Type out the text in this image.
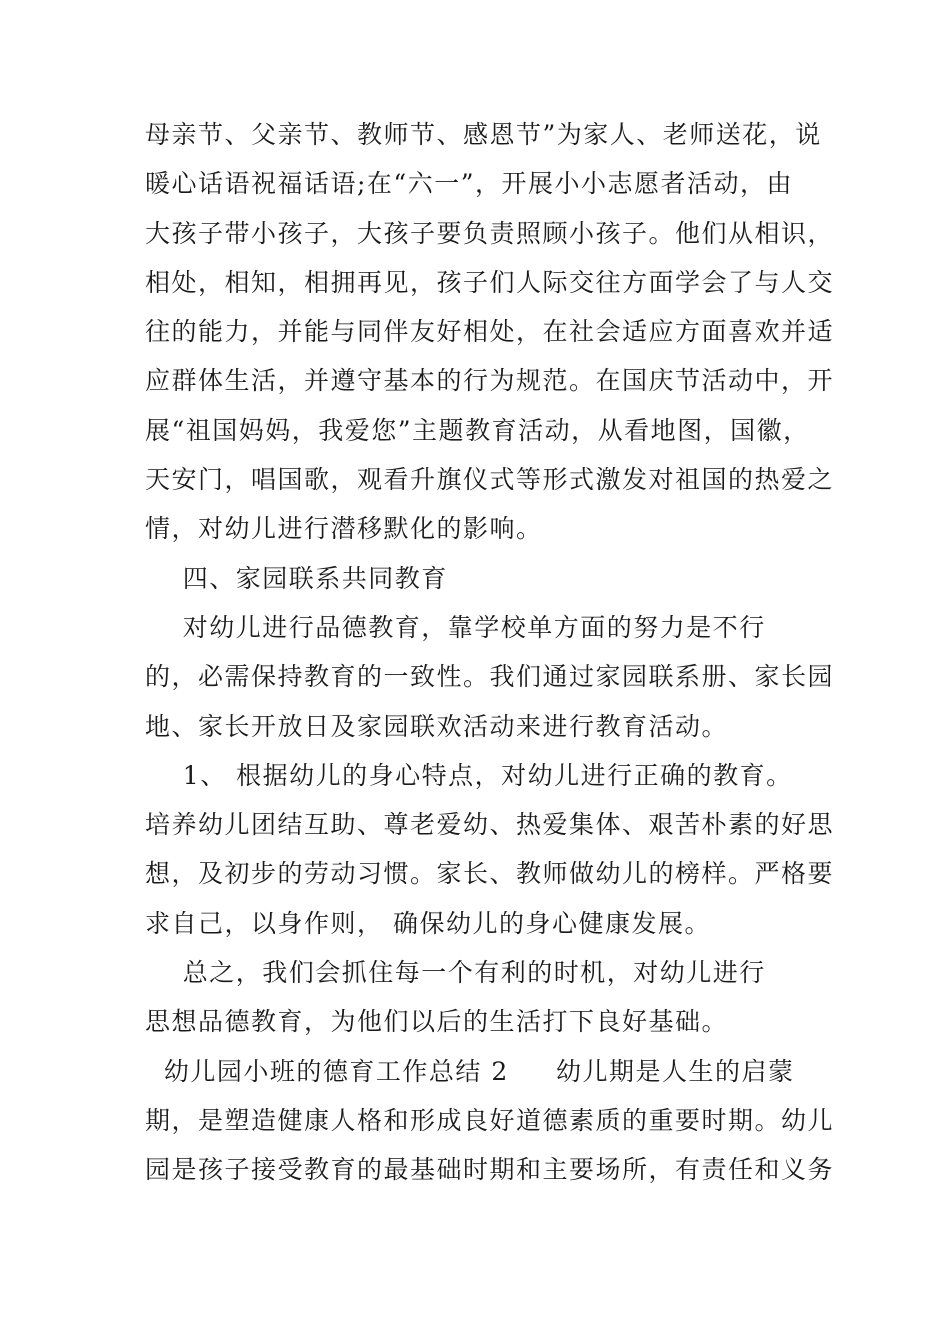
母亲节、父亲节、教师节、感恩节”为家人、老师送花，说
暖心话语祝福话语;在“六一”，开展小小志愿者活动，由
大孩子带小孩子，大孩子要负责照顾小孩子。他们从相识，
相处，相知，相拥再见，孩子们人际交往方面学会了与人交
往的能力，并能与同伴友好相处，在社会适应方面喜欢并适
应群体生活，并遵守基本的行为规范。在国庆节活动中，开
展“祖国妈妈，我爱您”主题教育活动，从看地图，国徽，
天安门，唱国歌，观看升旗仪式等形式激发对祖国的热爱之
情，对幼儿进行潜移默化的影响。
四、家园联系共同教育
对幼儿进行品德教育，靠学校单方面的努力是不行
的，必需保持教育的一致性。我们通过家园联系册、家长园
地、家长开放日及家园联欢活动来进行教育活动。
1、 根据幼儿的身心特点，对幼儿进行正确的教育。
培养幼儿团结互助、尊老爱幼、热爱集体、艰苦朴素的好思
想，及初步的劳动习惯。家长、教师做幼儿的榜样。严格要
求自己，以身作则， 确保幼儿的身心健康发展。
总之，我们会抓住每一个有利的时机，对幼儿进行
思想品德教育，为他们以后的生活打下良好基础。
幼儿园小班的德育工作总结 2     幼儿期是人生的启蒙
期，是塑造健康人格和形成良好道德素质的重要时期。幼儿
园是孩子接受教育的最基础时期和主要场所，有责任和义务
